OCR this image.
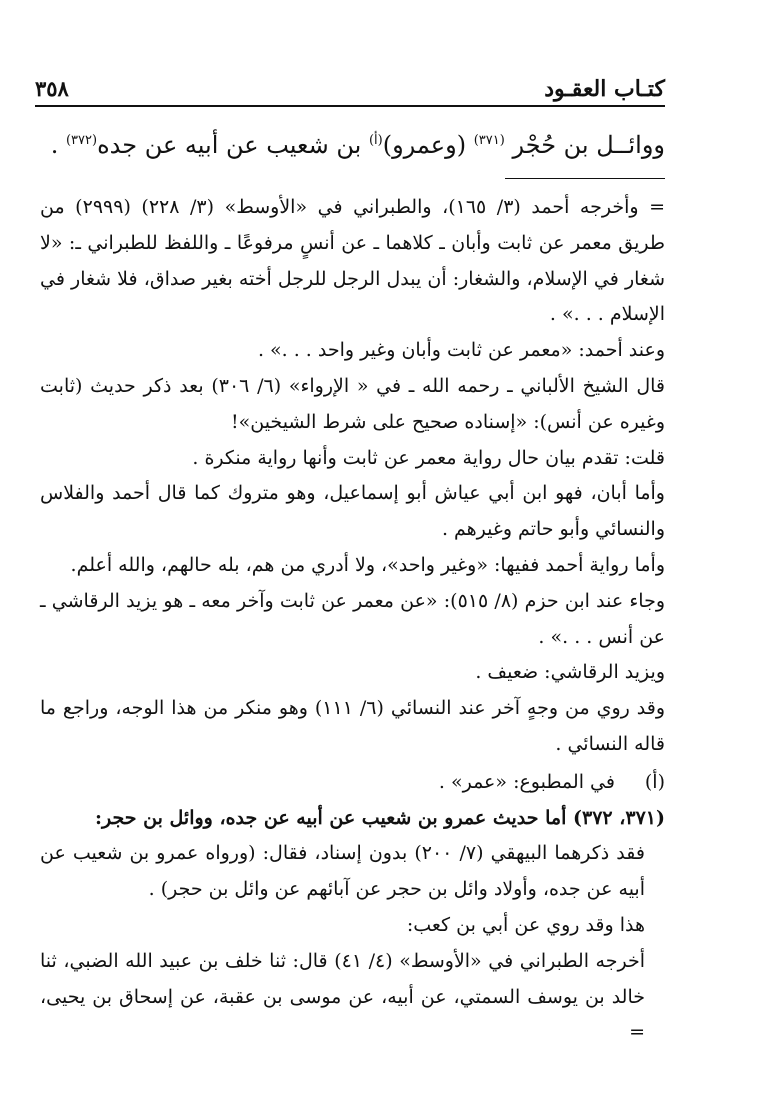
٣٥٨	كتـاب العقـود
ووائــل بن حُجْر $^{(٣٧١)}$ (وعمرو)$^{(أ)}$ بن شعيب عن أبيه عن جده$^{(٣٧٢)}$ .

= وأخرجه أحمد (٣/ ١٦٥)، والطبراني في «الأوسط» (٣/ ٢٢٨) (٢٩٩٩) من طريق معمر عن ثابت وأبان ـ كلاهما ـ عن أنسٍ مرفوعًا ـ واللفظ للطبراني ـ: «لا شغار في الإسلام، والشغار: أن يبدل الرجل للرجل أخته بغير صداق، فلا شغار في الإسلام . . .» .

وعند أحمد: «معمر عن ثابت وأبان وغير واحد . . .» .

قال الشيخ الألباني ـ رحمه الله ـ في « الإرواء» (٦/ ٣٠٦) بعد ذكر حديث (ثابت وغيره عن أنس): «إسناده صحيح على شرط الشيخين»!

قلت: تقدم بيان حال رواية معمر عن ثابت وأنها رواية منكرة .

وأما أبان، فهو ابن أبي عياش أبو إسماعيل، وهو متروك كما قال أحمد والفلاس والنسائي وأبو حاتم وغيرهم .

وأما رواية أحمد ففيها: «وغير واحد»، ولا أدري من هم، بله حالهم، والله أعلم.

وجاء عند ابن حزم (٨/ ٥١٥): «عن معمر عن ثابت وآخر معه ـ هو يزيد الرقاشي ـ عن أنس . . .» .

ويزيد الرقاشي: ضعيف .

وقد روي من وجهٍ آخر عند النسائي (٦/ ١١١) وهو منكر من هذا الوجه، وراجع ما قاله النسائي .

(أ) في المطبوع: «عمر» .

(٣٧١، ٣٧٢) أما حديث عمرو بن شعيب عن أبيه عن جده، ووائل بن حجر:

فقد ذكرهما البيهقي (٧/ ٢٠٠) بدون إسناد، فقال: (ورواه عمرو بن شعيب عن أبيه عن جده، وأولاد وائل بن حجر عن آبائهم عن وائل بن حجر) .

هذا وقد روي عن أبي بن كعب:

أخرجه الطبراني في «الأوسط» (٤/ ٤١) قال: ثنا خلف بن عبيد الله الضبي، ثنا خالد بن يوسف السمتي، عن أبيه، عن موسى بن عقبة، عن إسحاق بن يحيى، =
